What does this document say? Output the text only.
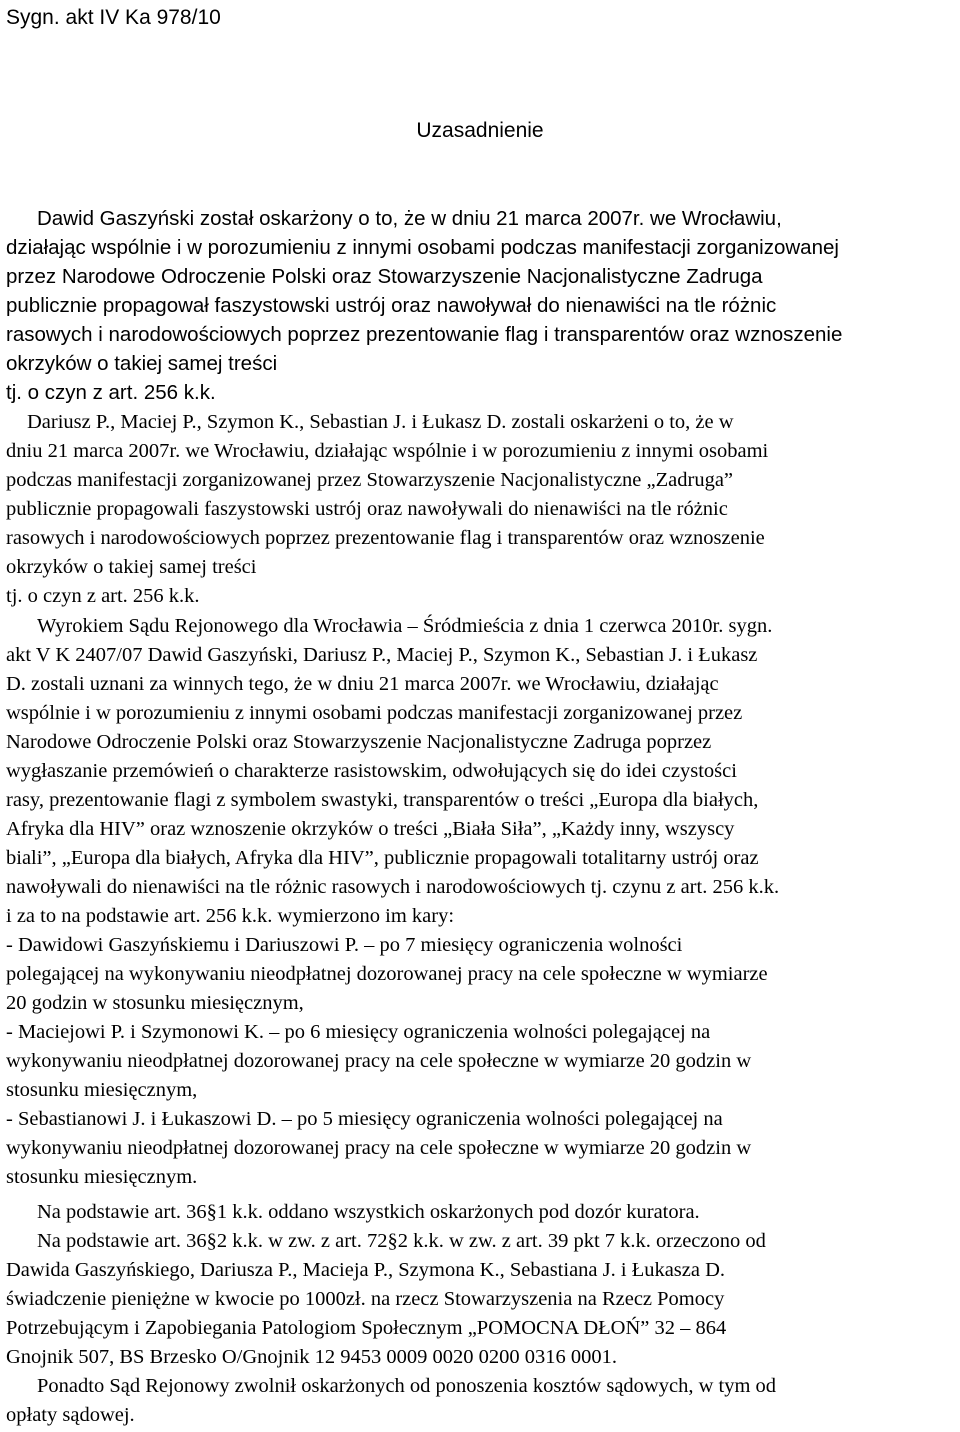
Sygn. akt IV Ka 978/10
Uzasadnienie
Dawid Gaszyński został oskarżony o to, że w dniu 21 marca 2007r. we Wrocławiu,
działając wspólnie i w porozumieniu z innymi osobami podczas manifestacji zorganizowanej
przez Narodowe Odroczenie Polski oraz Stowarzyszenie Nacjonalistyczne Zadruga
publicznie propagował faszystowski ustrój oraz nawoływał do nienawiści na tle różnic
rasowych i narodowościowych poprzez prezentowanie flag i transparentów oraz wznoszenie
okrzyków o takiej samej treści
tj. o czyn z art. 256 k.k.
Dariusz P., Maciej P., Szymon K., Sebastian J. i Łukasz D. zostali oskarżeni o to, że w
dniu 21 marca 2007r. we Wrocławiu, działając wspólnie i w porozumieniu z innymi osobami
podczas manifestacji zorganizowanej przez Stowarzyszenie Nacjonalistyczne „Zadruga”
publicznie propagowali faszystowski ustrój oraz nawoływali do nienawiści na tle różnic
rasowych i narodowościowych poprzez prezentowanie flag i transparentów oraz wznoszenie
okrzyków o takiej samej treści
tj. o czyn z art. 256 k.k.
Wyrokiem Sądu Rejonowego dla Wrocławia – Śródmieścia z dnia 1 czerwca 2010r. sygn.
akt V K 2407/07 Dawid Gaszyński, Dariusz P., Maciej P., Szymon K., Sebastian J. i Łukasz
D. zostali uznani za winnych tego, że w dniu 21 marca 2007r. we Wrocławiu, działając
wspólnie i w porozumieniu z innymi osobami podczas manifestacji zorganizowanej przez
Narodowe Odroczenie Polski oraz Stowarzyszenie Nacjonalistyczne Zadruga poprzez
wygłaszanie przemówień o charakterze rasistowskim, odwołujących się do idei czystości
rasy, prezentowanie flagi z symbolem swastyki, transparentów o treści „Europa dla białych,
Afryka dla HIV” oraz wznoszenie okrzyków o treści „Biała Siła”, „Każdy inny, wszyscy
biali”, „Europa dla białych, Afryka dla HIV”, publicznie propagowali totalitarny ustrój oraz
nawoływali do nienawiści na tle różnic rasowych i narodowościowych tj. czynu z art. 256 k.k.
i za to na podstawie art. 256 k.k. wymierzono im kary:
- Dawidowi Gaszyńskiemu i Dariuszowi P. – po 7 miesięcy ograniczenia wolności
polegającej na wykonywaniu nieodpłatnej dozorowanej pracy na cele społeczne w wymiarze
20 godzin w stosunku miesięcznym,
- Maciejowi P. i Szymonowi K. – po 6 miesięcy ograniczenia wolności polegającej na
wykonywaniu nieodpłatnej dozorowanej pracy na cele społeczne w wymiarze 20 godzin w
stosunku miesięcznym,
- Sebastianowi J. i Łukaszowi D. – po 5 miesięcy ograniczenia wolności polegającej na
wykonywaniu nieodpłatnej dozorowanej pracy na cele społeczne w wymiarze 20 godzin w
stosunku miesięcznym.
Na podstawie art. 36§1 k.k. oddano wszystkich oskarżonych pod dozór kuratora.
Na podstawie art. 36§2 k.k. w zw. z art. 72§2 k.k. w zw. z art. 39 pkt 7 k.k. orzeczono od
Dawida Gaszyńskiego, Dariusza P., Macieja P., Szymona K., Sebastiana J. i Łukasza D.
świadczenie pieniężne w kwocie po 1000zł. na rzecz Stowarzyszenia na Rzecz Pomocy
Potrzebującym i Zapobiegania Patologiom Społecznym „POMOCNA DŁOŃ” 32 – 864
Gnojnik 507, BS Brzesko O/Gnojnik 12 9453 0009 0020 0200 0316 0001.
Ponadto Sąd Rejonowy zwolnił oskarżonych od ponoszenia kosztów sądowych, w tym od
opłaty sądowej.
